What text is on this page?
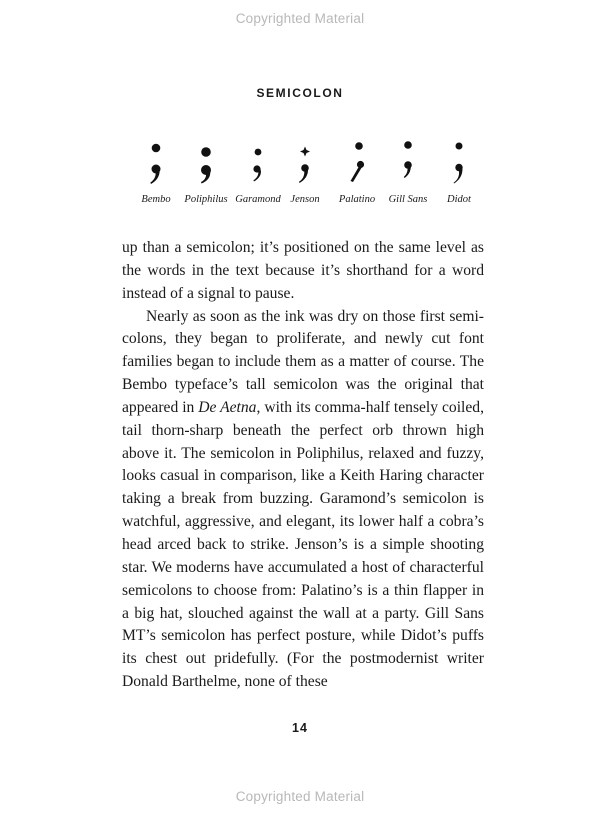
Copyrighted Material
SEMICOLON
Bembo Poliphilus Garamond Jenson Palatino Gill Sans Didot

up than a semicolon; it’s positioned on the same level as the words in the text because it’s shorthand for a word instead of a signal to pause.

Nearly as soon as the ink was dry on those first semicolons, they began to proliferate, and newly cut font families began to include them as a matter of course. The Bembo typeface’s tall semicolon was the original that appeared in De Aetna, with its comma-half tensely coiled, tail thorn-sharp beneath the perfect orb thrown high above it. The semicolon in Poliphilus, relaxed and fuzzy, looks casual in comparison, like a Keith Haring character taking a break from buzzing. Garamond’s semicolon is watchful, aggressive, and elegant, its lower half a cobra’s head arced back to strike. Jenson’s is a simple shooting star. We moderns have accumulated a host of characterful semicolons to choose from: Palatino’s is a thin flapper in a big hat, slouched against the wall at a party. Gill Sans MT’s semicolon has perfect posture, while Didot’s puffs its chest out pridefully. (For the postmodernist writer Donald Barthelme, none of these

14
Copyrighted Material
